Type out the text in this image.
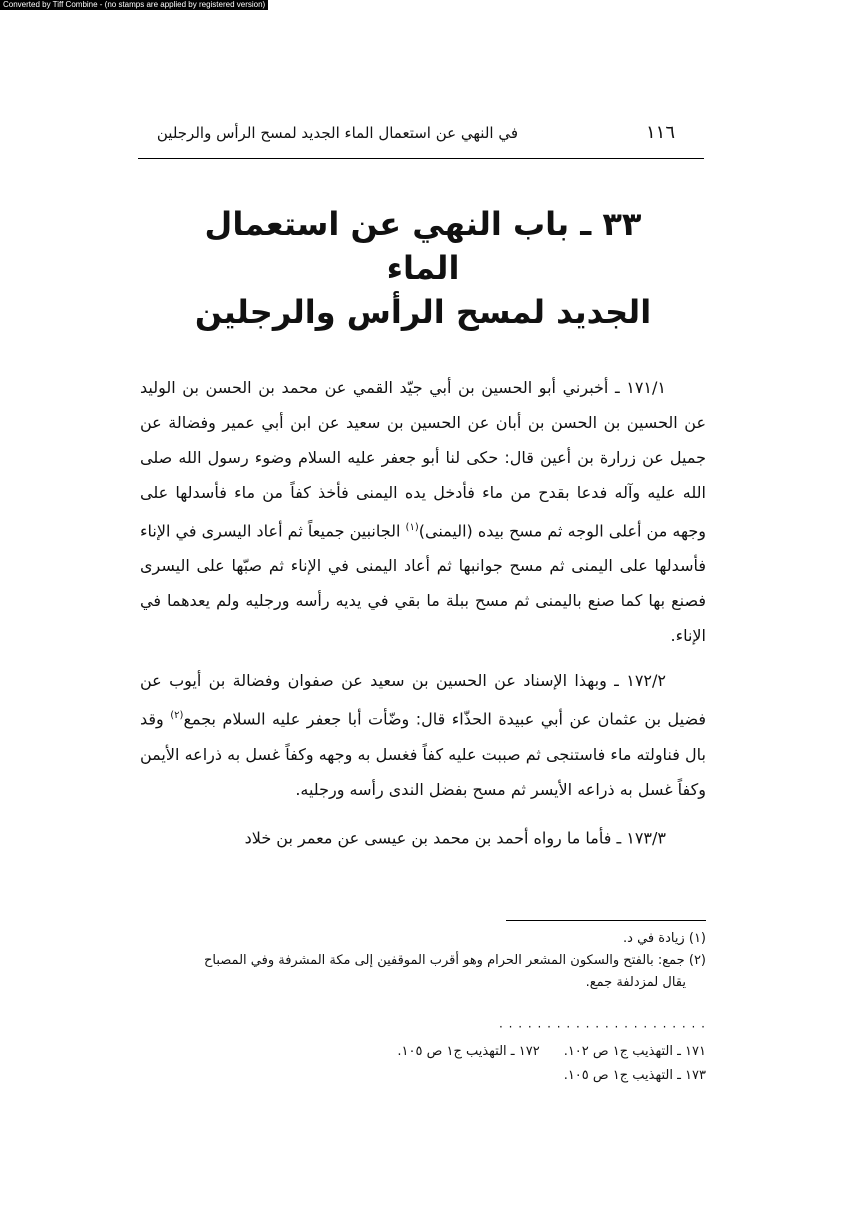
Converted by Tiff Combine - (no stamps are applied by registered version)
١١٦
في النهي عن استعمال الماء الجديد لمسح الرأس والرجلين
٣٣ ـ باب النهي عن استعمال الماء
الجديد لمسح الرأس والرجلين

١٧١/١ ـ أخبرني أبو الحسين بن أبي جيّد القمي عن محمد بن الحسن بن الوليد عن الحسين بن الحسن بن أبان عن الحسين بن سعيد عن ابن أبي عمير وفضالة عن جميل عن زرارة بن أعين قال: حكى لنا أبو جعفر عليه السلام وضوء رسول الله صلى الله عليه وآله فدعا بقدح من ماء فأدخل يده اليمنى فأخذ كفاً من ماء فأسدلها على وجهه من أعلى الوجه ثم مسح بيده (اليمنى)$^{(١)}$ الجانبين جميعاً ثم أعاد اليسرى في الإناء فأسدلها على اليمنى ثم مسح جوانبها ثم أعاد اليمنى في الإناء ثم صبّها على اليسرى فصنع بها كما صنع باليمنى ثم مسح ببلة ما بقي في يديه رأسه ورجليه ولم يعدهما في الإناء.

١٧٢/٢ ـ وبهذا الإسناد عن الحسين بن سعيد عن صفوان وفضالة بن أيوب عن فضيل بن عثمان عن أبي عبيدة الحذّاء قال: وضّأت أبا جعفر عليه السلام بجمع$^{(٢)}$ وقد بال فناولته ماء فاستنجى ثم صببت عليه كفاً فغسل به وجهه وكفاً غسل به ذراعه الأيمن وكفاً غسل به ذراعه الأيسر ثم مسح بفضل الندى رأسه ورجليه.

١٧٣/٣ ـ فأما ما رواه أحمد بن محمد بن عيسى عن معمر بن خلاد

(١) زيادة في د.

(٢) جمع: بالفتح والسكون المشعر الحرام وهو أقرب الموقفين إلى مكة المشرفة وفي المصباح

يقال لمزدلفة جمع.

· · · · · · · · · · · · · · · · · · · · · ·

١٧١ ـ التهذيب ج١ ص ١٠٢.١٧٢ ـ التهذيب ج١ ص ١٠٥.

١٧٣ ـ التهذيب ج١ ص ١٠٥.
